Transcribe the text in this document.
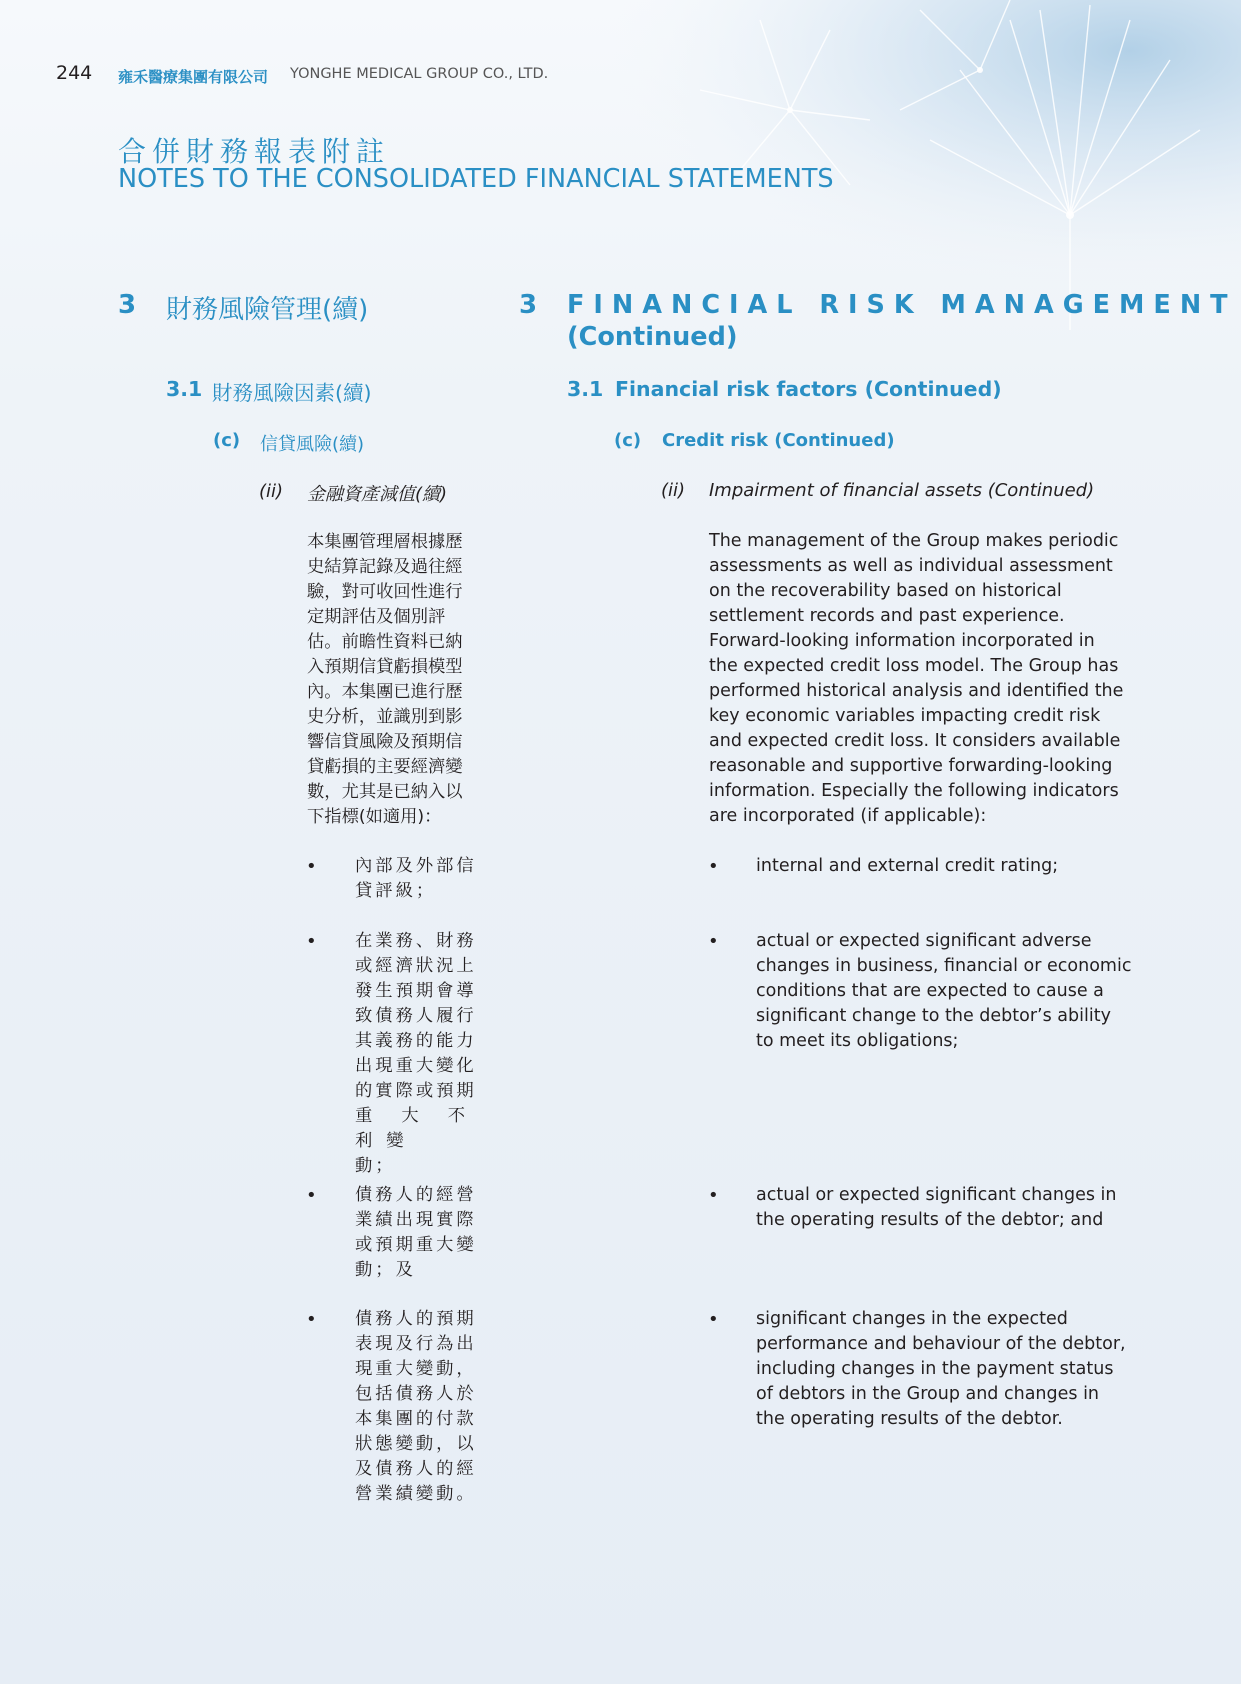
244 雍禾醫療集團有限公司 YONGHE MEDICAL GROUP CO., LTD.
合併財務報表附註
NOTES TO THE CONSOLIDATED FINANCIAL STATEMENTS
3 財務風險管理(續)
3.1 財務風險因素(續)
(c) 信貸風險(續)
(ii) 金融資產減值(續)
本集團管理層根據歷
史結算記錄及過往經
驗，對可收回性進行
定期評估及個別評
估。前瞻性資料已納
入預期信貸虧損模型
內。本集團已進行歷
史分析，並識別到影
響信貸風險及預期信
貸虧損的主要經濟變
數，尤其是已納入以
下指標(如適用)：
• 內部及外部信
貸評級；
• 在業務、財務
或經濟狀況上
發生預期會導
致債務人履行
其義務的能力
出現重大變化
的實際或預期
重大不利變
動；
• 債務人的經營
業績出現實際
或預期重大變
動；及
• 債務人的預期
表現及行為出
現重大變動，
包括債務人於
本集團的付款
狀態變動，以
及債務人的經
營業績變動。
3 FINANCIAL RISK MANAGEMENT
(Continued)
3.1 Financial risk factors (Continued)
(c) Credit risk (Continued)
(ii) Impairment of financial assets (Continued)
The management of the Group makes periodic
assessments as well as individual assessment
on the recoverability based on historical
settlement records and past experience.
Forward-looking information incorporated in
the expected credit loss model. The Group has
performed historical analysis and identified the
key economic variables impacting credit risk
and expected credit loss. It considers available
reasonable and supportive forwarding-looking
information. Especially the following indicators
are incorporated (if applicable):
• internal and external credit rating;
• actual or expected significant adverse
changes in business, financial or economic
conditions that are expected to cause a
significant change to the debtor’s ability
to meet its obligations;
• actual or expected significant changes in
the operating results of the debtor; and
• significant changes in the expected
performance and behaviour of the debtor,
including changes in the payment status
of debtors in the Group and changes in
the operating results of the debtor.
